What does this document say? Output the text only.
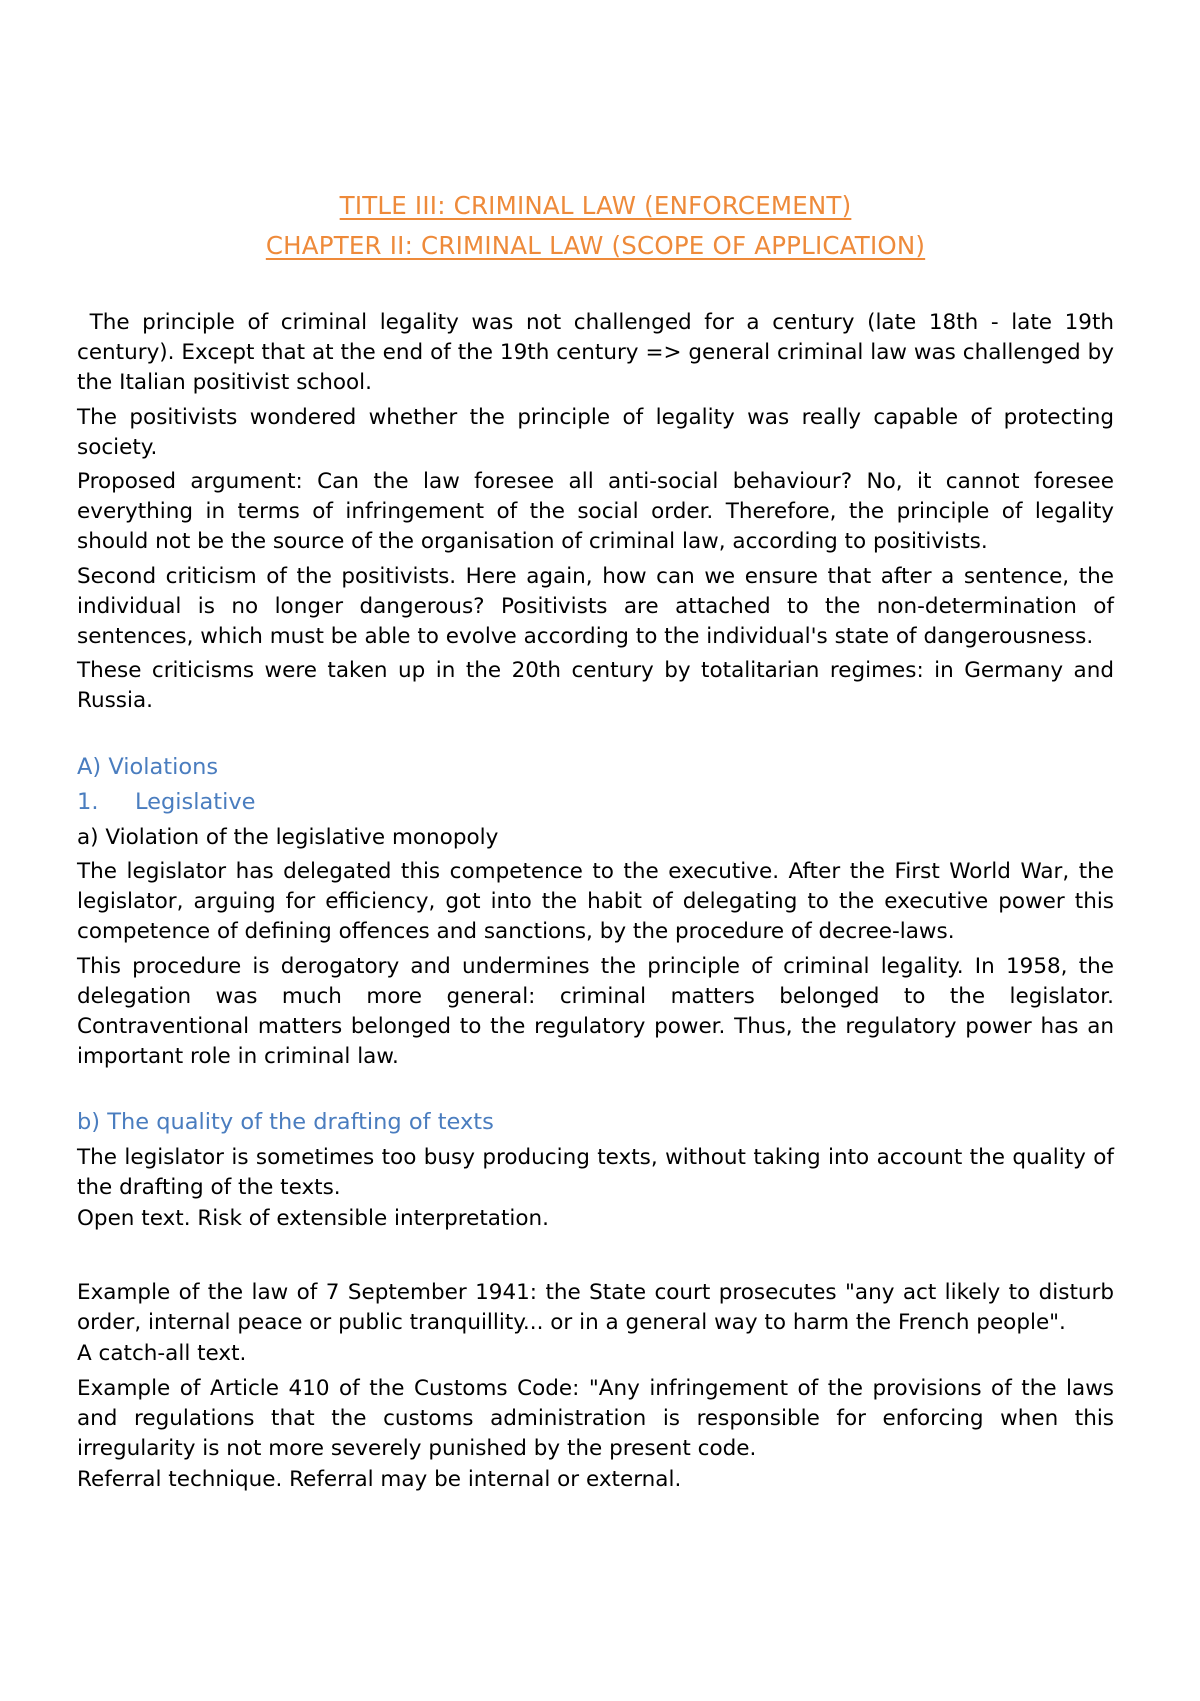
TITLE III: CRIMINAL LAW (ENFORCEMENT)
CHAPTER II: CRIMINAL LAW (SCOPE OF APPLICATION)

The principle of criminal legality was not challenged for a century (late 18th - late 19th century). Except that at the end of the 19th century => general criminal law was challenged by the Italian positivist school.

The positivists wondered whether the principle of legality was really capable of protecting society.

Proposed argument: Can the law foresee all anti-social behaviour? No, it cannot foresee everything in terms of infringement of the social order. Therefore, the principle of legality should not be the source of the organisation of criminal law, according to positivists.

Second criticism of the positivists. Here again, how can we ensure that after a sentence, the individual is no longer dangerous? Positivists are attached to the non-determination of sentences, which must be able to evolve according to the individual's state of dangerousness.

These criticisms were taken up in the 20th century by totalitarian regimes: in Germany and Russia.

A) Violations
1. Legislative
a) Violation of the legislative monopoly

The legislator has delegated this competence to the executive. After the First World War, the legislator, arguing for efficiency, got into the habit of delegating to the executive power this competence of defining offences and sanctions, by the procedure of decree-laws.

This procedure is derogatory and undermines the principle of criminal legality. In 1958, the delegation was much more general: criminal matters belonged to the legislator. Contraventional matters belonged to the regulatory power. Thus, the regulatory power has an important role in criminal law.

b) The quality of the drafting of texts

The legislator is sometimes too busy producing texts, without taking into account the quality of the drafting of the texts.

Open text. Risk of extensible interpretation.

Example of the law of 7 September 1941: the State court prosecutes "any act likely to disturb order, internal peace or public tranquillity... or in a general way to harm the French people".

A catch-all text.

Example of Article 410 of the Customs Code: "Any infringement of the provisions of the laws and regulations that the customs administration is responsible for enforcing when this irregularity is not more severely punished by the present code.

Referral technique. Referral may be internal or external.
